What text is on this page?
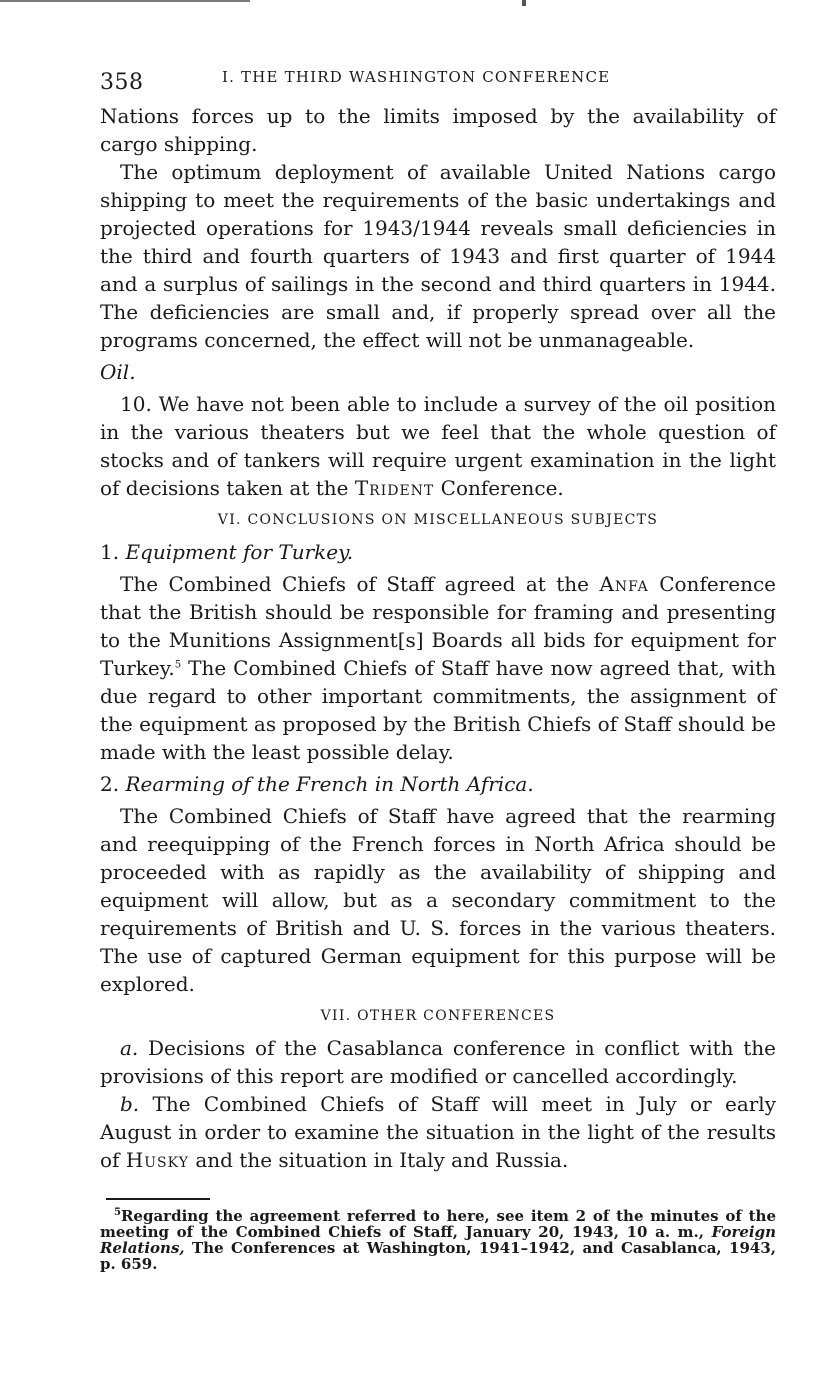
358	I. THE THIRD WASHINGTON CONFERENCE

Nations forces up to the limits imposed by the availability of cargo shipping.

The optimum deployment of available United Nations cargo shipping to meet the requirements of the basic undertakings and projected operations for 1943/1944 reveals small deficiencies in the third and fourth quarters of 1943 and first quarter of 1944 and a surplus of sailings in the second and third quarters in 1944. The deficiencies are small and, if properly spread over all the programs concerned, the effect will not be unmanageable.

Oil.

10. We have not been able to include a survey of the oil position in the various theaters but we feel that the whole question of stocks and of tankers will require urgent examination in the light of decisions taken at the Trident Conference.

VI. CONCLUSIONS ON MISCELLANEOUS SUBJECTS

1. Equipment for Turkey.

The Combined Chiefs of Staff agreed at the Anfa Conference that the British should be responsible for framing and presenting to the Munitions Assignment[s] Boards all bids for equipment for Turkey.$^5$ The Combined Chiefs of Staff have now agreed that, with due regard to other important commitments, the assignment of the equipment as proposed by the British Chiefs of Staff should be made with the least possible delay.

2. Rearming of the French in North Africa.

The Combined Chiefs of Staff have agreed that the rearming and reequipping of the French forces in North Africa should be proceeded with as rapidly as the availability of shipping and equipment will allow, but as a secondary commitment to the requirements of British and U. S. forces in the various theaters. The use of captured German equipment for this purpose will be explored.

VII. OTHER CONFERENCES

a. Decisions of the Casablanca conference in conflict with the provisions of this report are modified or cancelled accordingly.

b. The Combined Chiefs of Staff will meet in July or early August in order to examine the situation in the light of the results of Husky and the situation in Italy and Russia.

$^5$Regarding the agreement referred to here, see item 2 of the minutes of the meeting of the Combined Chiefs of Staff, January 20, 1943, 10 a. m., Foreign Relations, The Conferences at Washington, 1941–1942, and Casablanca, 1943, p. 659.
